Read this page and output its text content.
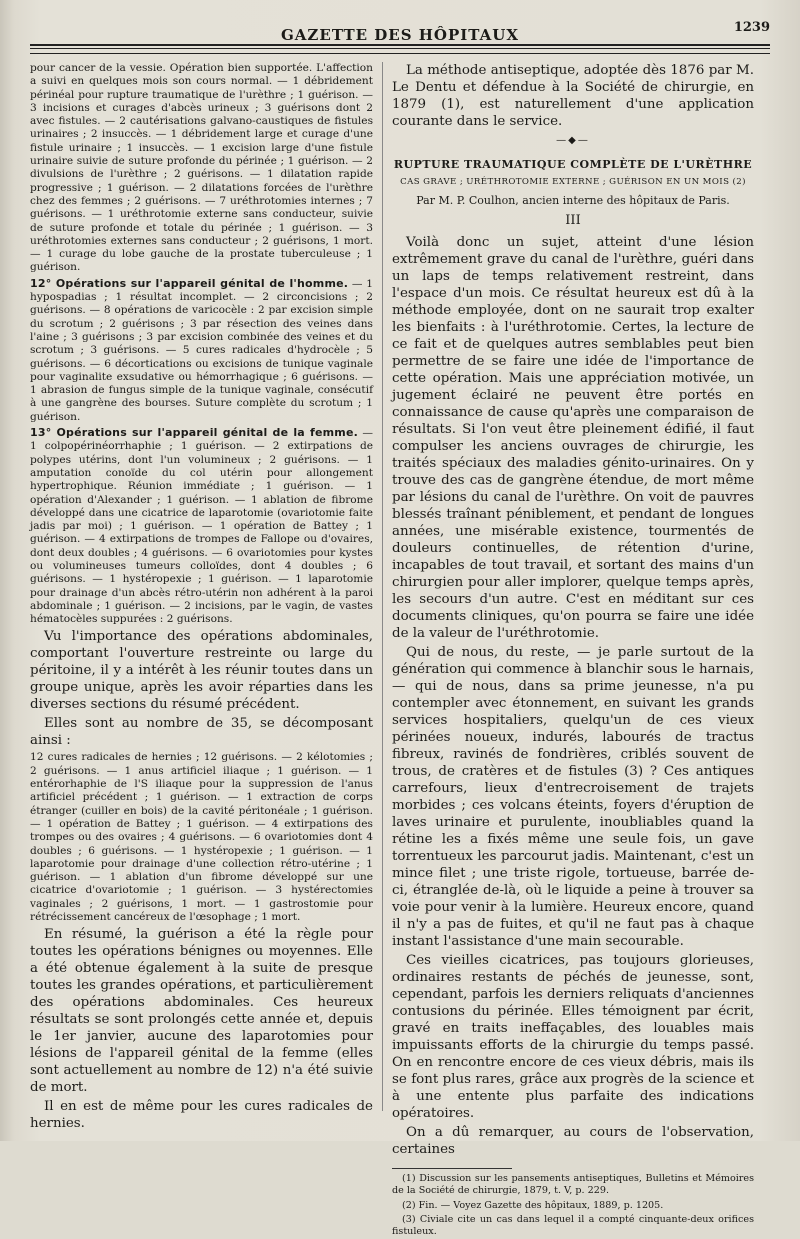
GAZETTE DES HÔPITAUX	1239

pour cancer de la vessie. Opération bien supportée. L'affection a suivi en quelques mois son cours normal. — 1 débridement périnéal pour rupture traumatique de l'urèthre ; 1 guérison. — 3 incisions et curages d'abcès urineux ; 3 guérisons dont 2 avec fistules. — 2 cautérisations galvano-caustiques de fistules urinaires ; 2 insuccès. — 1 débridement large et curage d'une fistule urinaire ; 1 insuccès. — 1 excision large d'une fistule urinaire suivie de suture profonde du périnée ; 1 guérison. — 2 divulsions de l'urèthre ; 2 guérisons. — 1 dilatation rapide progressive ; 1 guérison. — 2 dilatations forcées de l'urèthre chez des femmes ; 2 guérisons. — 7 uréthrotomies internes ; 7 guérisons. — 1 uréthrotomie externe sans conducteur, suivie de suture profonde et totale du périnée ; 1 guérison. — 3 uréthrotomies externes sans conducteur ; 2 guérisons, 1 mort. — 1 curage du lobe gauche de la prostate tuberculeuse ; 1 guérison.

12° Opérations sur l'appareil génital de l'homme. — 1 hypospadias ; 1 résultat incomplet. — 2 circoncisions ; 2 guérisons. — 8 opérations de varicocèle : 2 par excision simple du scrotum ; 2 guérisons ; 3 par résection des veines dans l'aine ; 3 guérisons ; 3 par excision combinée des veines et du scrotum ; 3 guérisons. — 5 cures radicales d'hydrocèle ; 5 guérisons. — 6 décortications ou excisions de tunique vaginale pour vaginalite exsudative ou hémorrhagique ; 6 guérisons. — 1 abrasion de fungus simple de la tunique vaginale, consécutif à une gangrène des bourses. Suture complète du scrotum ; 1 guérison.

13° Opérations sur l'appareil génital de la femme. — 1 colpopérinéorrhaphie ; 1 guérison. — 2 extirpations de polypes utérins, dont l'un volumineux ; 2 guérisons. — 1 amputation conoïde du col utérin pour allongement hypertrophique. Réunion immédiate ; 1 guérison. — 1 opération d'Alexander ; 1 guérison. — 1 ablation de fibrome développé dans une cicatrice de laparotomie (ovariotomie faite jadis par moi) ; 1 guérison. — 1 opération de Battey ; 1 guérison. — 4 extirpations de trompes de Fallope ou d'ovaires, dont deux doubles ; 4 guérisons. — 6 ovariotomies pour kystes ou volumineuses tumeurs colloïdes, dont 4 doubles ; 6 guérisons. — 1 hystéropexie ; 1 guérison. — 1 laparotomie pour drainage d'un abcès rétro-utérin non adhérent à la paroi abdominale ; 1 guérison. — 2 incisions, par le vagin, de vastes hématocèles suppurées : 2 guérisons.

Vu l'importance des opérations abdominales, comportant l'ouverture restreinte ou large du péritoine, il y a intérêt à les réunir toutes dans un groupe unique, après les avoir réparties dans les diverses sections du résumé précédent.

Elles sont au nombre de 35, se décomposant ainsi :

12 cures radicales de hernies ; 12 guérisons. — 2 kélotomies ; 2 guérisons. — 1 anus artificiel iliaque ; 1 guérison. — 1 entérorhaphie de l'S iliaque pour la suppression de l'anus artificiel précédent ; 1 guérison. — 1 extraction de corps étranger (cuiller en bois) de la cavité péritonéale ; 1 guérison. — 1 opération de Battey ; 1 guérison. — 4 extirpations des trompes ou des ovaires ; 4 guérisons. — 6 ovariotomies dont 4 doubles ; 6 guérisons. — 1 hystéropexie ; 1 guérison. — 1 laparotomie pour drainage d'une collection rétro-utérine ; 1 guérison. — 1 ablation d'un fibrome développé sur une cicatrice d'ovariotomie ; 1 guérison. — 3 hystérectomies vaginales ; 2 guérisons, 1 mort. — 1 gastrostomie pour rétrécissement cancéreux de l'œsophage ; 1 mort.

En résumé, la guérison a été la règle pour toutes les opérations bénignes ou moyennes. Elle a été obtenue également à la suite de presque toutes les grandes opérations, et particulièrement des opérations abdominales. Ces heureux résultats se sont prolongés cette année et, depuis le 1er janvier, aucune des laparotomies pour lésions de l'appareil génital de la femme (elles sont actuellement au nombre de 12) n'a été suivie de mort.

Il en est de même pour les cures radicales de hernies.

La méthode antiseptique, adoptée dès 1876 par M. Le Dentu et défendue à la Société de chirurgie, en 1879 (1), est naturellement d'une application courante dans le service.

—◆—
RUPTURE TRAUMATIQUE COMPLÈTE DE L'URÈTHRE
CAS GRAVE ; URÉTHROTOMIE EXTERNE ; GUÉRISON EN UN MOIS (2)
Par M. P. Coulhon, ancien interne des hôpitaux de Paris.
III

Voilà donc un sujet, atteint d'une lésion extrêmement grave du canal de l'urèthre, guéri dans un laps de temps relativement restreint, dans l'espace d'un mois. Ce résultat heureux est dû à la méthode employée, dont on ne saurait trop exalter les bienfaits : à l'uréthrotomie. Certes, la lecture de ce fait et de quelques autres semblables peut bien permettre de se faire une idée de l'importance de cette opération. Mais une appréciation motivée, un jugement éclairé ne peuvent être portés en connaissance de cause qu'après une comparaison de résultats. Si l'on veut être pleinement édifié, il faut compulser les anciens ouvrages de chirurgie, les traités spéciaux des maladies génito-urinaires. On y trouve des cas de gangrène étendue, de mort même par lésions du canal de l'urèthre. On voit de pauvres blessés traînant péniblement, et pendant de longues années, une misérable existence, tourmentés de douleurs continuelles, de rétention d'urine, incapables de tout travail, et sortant des mains d'un chirurgien pour aller implorer, quelque temps après, les secours d'un autre. C'est en méditant sur ces documents cliniques, qu'on pourra se faire une idée de la valeur de l'uréthrotomie.

Qui de nous, du reste, — je parle surtout de la génération qui commence à blanchir sous le harnais, — qui de nous, dans sa prime jeunesse, n'a pu contempler avec étonnement, en suivant les grands services hospitaliers, quelqu'un de ces vieux périnées noueux, indurés, labourés de tractus fibreux, ravinés de fondrières, criblés souvent de trous, de cratères et de fistules (3) ? Ces antiques carrefours, lieux d'entrecroisement de trajets morbides ; ces volcans éteints, foyers d'éruption de laves urinaire et purulente, inoubliables quand la rétine les a fixés même une seule fois, un gave torrentueux les parcourut jadis. Maintenant, c'est un mince filet ; une triste rigole, tortueuse, barrée de-ci, étranglée de-là, où le liquide a peine à trouver sa voie pour venir à la lumière. Heureux encore, quand il n'y a pas de fuites, et qu'il ne faut pas à chaque instant l'assistance d'une main secourable.

Ces vieilles cicatrices, pas toujours glorieuses, ordinaires restants de péchés de jeunesse, sont, cependant, parfois les derniers reliquats d'anciennes contusions du périnée. Elles témoignent par écrit, gravé en traits ineffaçables, des louables mais impuissants efforts de la chirurgie du temps passé. On en rencontre encore de ces vieux débris, mais ils se font plus rares, grâce aux progrès de la science et à une entente plus parfaite des indications opératoires.

On a dû remarquer, au cours de l'observation, certaines

(1) Discussion sur les pansements antiseptiques, Bulletins et Mémoires de la Société de chirurgie, 1879, t. V, p. 229.

(2) Fin. — Voyez Gazette des hôpitaux, 1889, p. 1205.

(3) Civiale cite un cas dans lequel il a compté cinquante-deux orifices fistuleux.
